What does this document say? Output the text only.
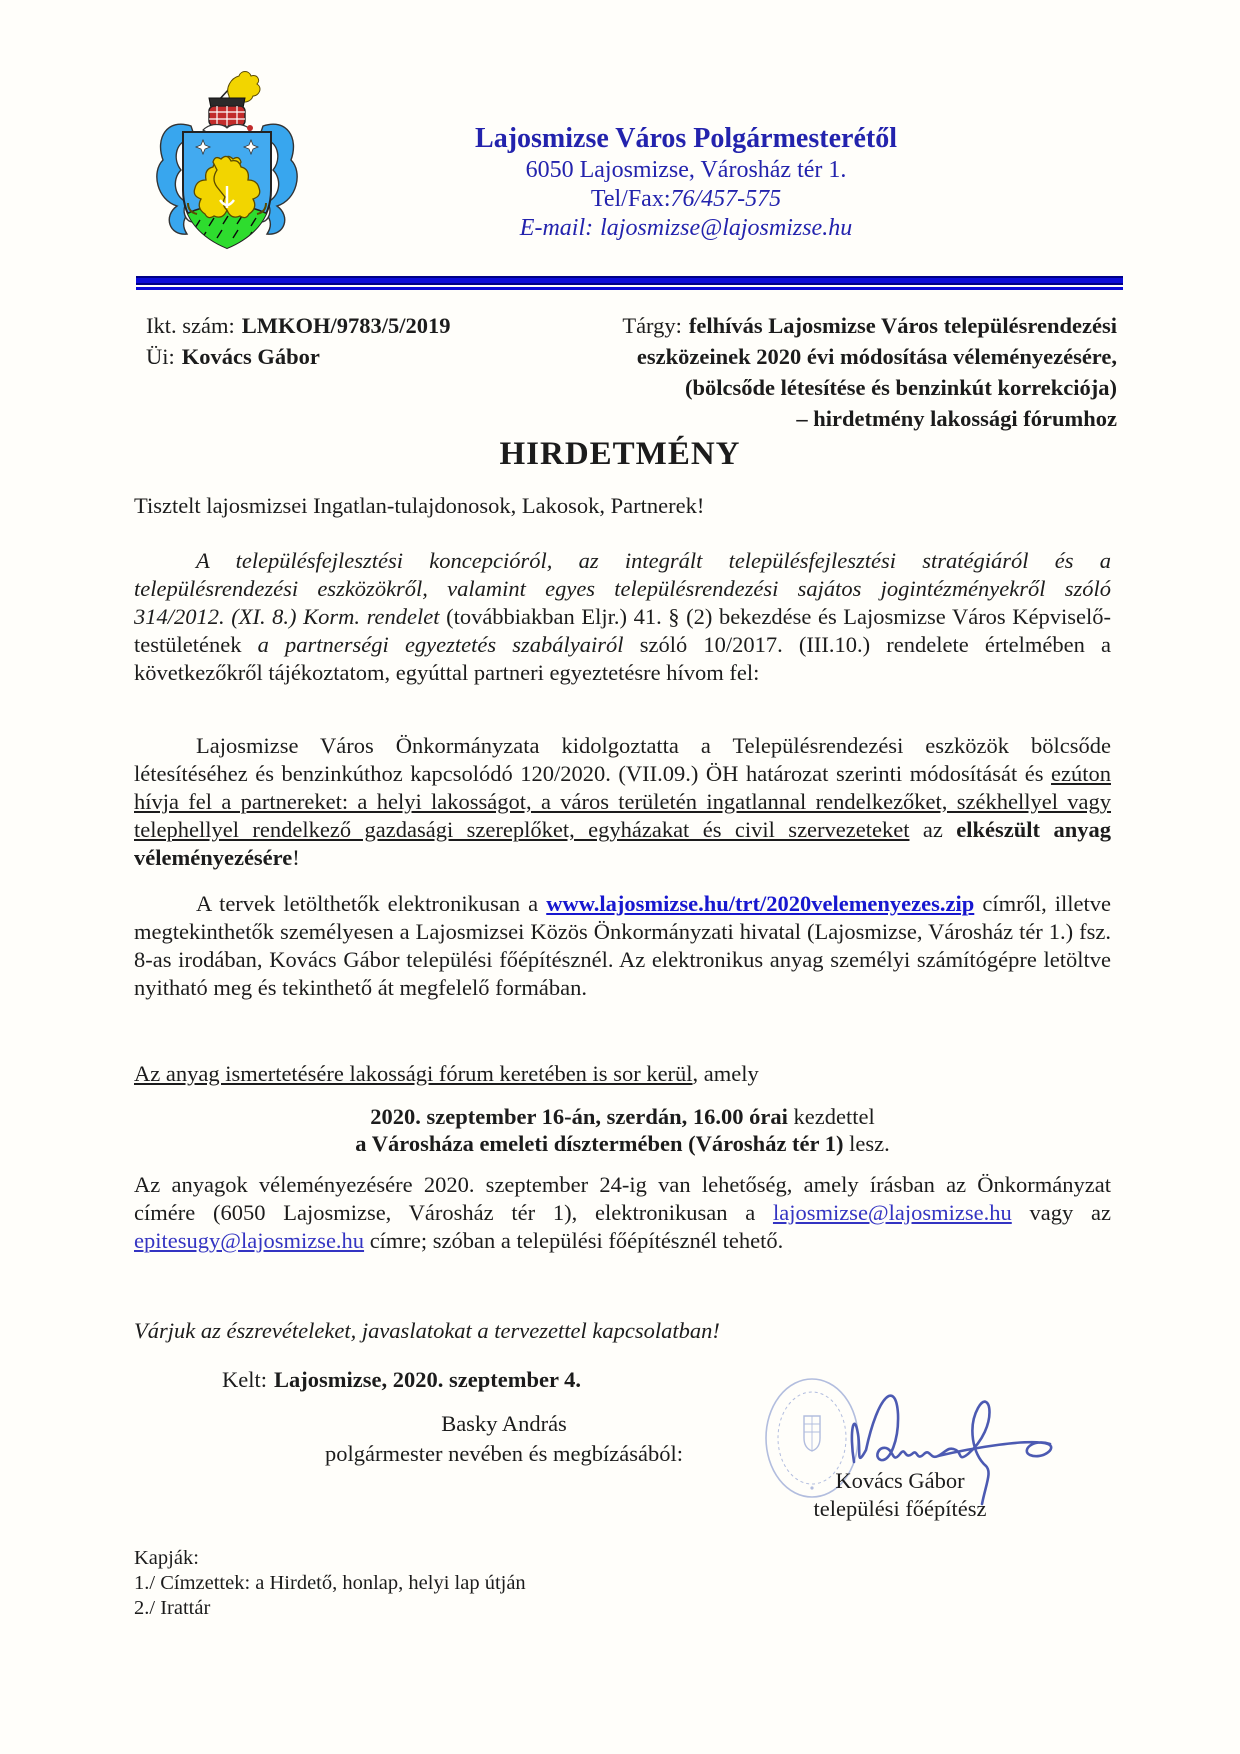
Lajosmizse Város Polgármesterétől
6050 Lajosmizse, Városház tér 1.
Tel/Fax:76/457-575
E-mail: lajosmizse@lajosmizse.hu
Ikt. szám: LMKOH/9783/5/2019
Üi: Kovács Gábor
Tárgy: felhívás Lajosmizse Város településrendezési
eszközeinek 2020 évi módosítása véleményezésére,
(bölcsőde létesítése és benzinkút korrekciója)
– hirdetmény lakossági fórumhoz
HIRDETMÉNY
Tisztelt lajosmizsei Ingatlan-tulajdonosok, Lakosok, Partnerek!

A településfejlesztési koncepcióról, az integrált településfejlesztési stratégiáról és a településrendezési eszközökről, valamint egyes településrendezési sajátos jogintézményekről szóló 314/2012. (XI. 8.) Korm. rendelet (továbbiakban Eljr.) 41. § (2) bekezdése és Lajosmizse Város Képviselő-testületének a partnerségi egyeztetés szabályairól szóló 10/2017. (III.10.) rendelete értelmében a következőkről tájékoztatom, egyúttal partneri egyeztetésre hívom fel:

Lajosmizse Város Önkormányzata kidolgoztatta a Településrendezési eszközök bölcsőde létesítéséhez és benzinkúthoz kapcsolódó 120/2020. (VII.09.) ÖH határozat szerinti módosítását és ezúton hívja fel a partnereket: a helyi lakosságot, a város területén ingatlannal rendelkezőket, székhellyel vagy telephellyel rendelkező gazdasági szereplőket, egyházakat és civil szervezeteket az elkészült anyag véleményezésére!

A tervek letölthetők elektronikusan a www.lajosmizse.hu/trt/2020velemenyezes.zip címről, illetve megtekinthetők személyesen a Lajosmizsei Közös Önkormányzati hivatal (Lajosmizse, Városház tér 1.) fsz. 8-as irodában, Kovács Gábor települési főépítésznél. Az elektronikus anyag személyi számítógépre letöltve nyitható meg és tekinthető át megfelelő formában.

Az anyag ismertetésére lakossági fórum keretében is sor kerül, amely

2020. szeptember 16-án, szerdán, 16.00 órai kezdettel
a Városháza emeleti dísztermében (Városház tér 1) lesz.

Az anyagok véleményezésére 2020. szeptember 24-ig van lehetőség, amely írásban az Önkormányzat címére (6050 Lajosmizse, Városház tér 1), elektronikusan a lajosmizse@lajosmizse.hu vagy az epitesugy@lajosmizse.hu címre; szóban a települési főépítésznél tehető.

Várjuk az észrevételeket, javaslatokat a tervezettel kapcsolatban!

Kelt: Lajosmizse, 2020. szeptember 4.
Basky András
polgármester nevében és megbízásából:
Kovács Gábor
települési főépítész
Kapják:
1./ Címzettek: a Hirdető, honlap, helyi lap útján
2./ Irattár
